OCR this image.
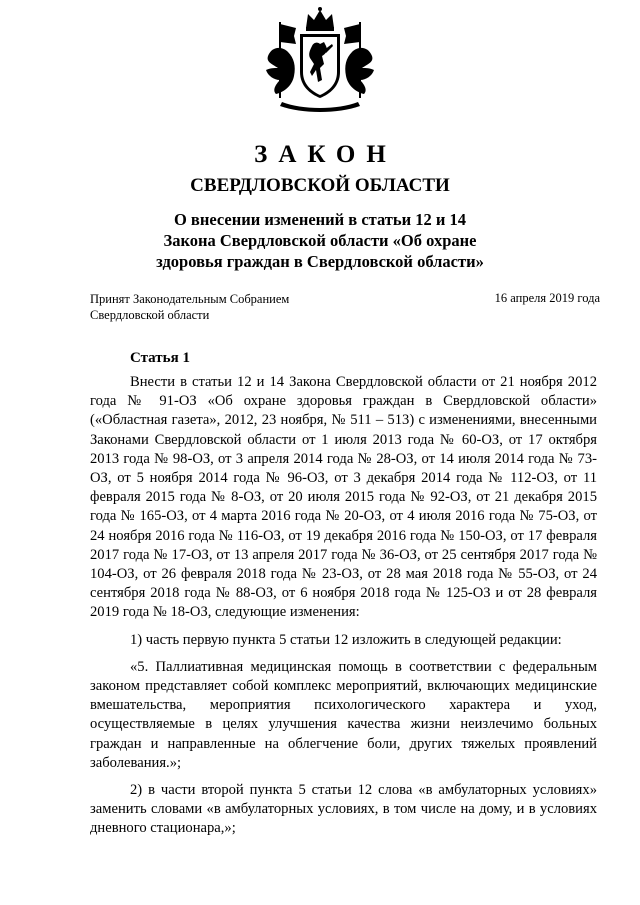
ЗАКОН
СВЕРДЛОВСКОЙ ОБЛАСТИ
О внесении изменений в статьи 12 и 14
Закона Свердловской области «Об охране
здоровья граждан в Свердловской области»
Принят Законодательным Собранием
Свердловской области
16 апреля 2019 года
Статья 1

Внести в статьи 12 и 14 Закона Свердловской области от 21 ноября 2012 года № 91-ОЗ «Об охране здоровья граждан в Свердловской области» («Областная газета», 2012, 23 ноября, № 511 – 513) с изменениями, внесенными Законами Свердловской области от 1 июля 2013 года № 60-ОЗ, от 17 октября 2013 года № 98-ОЗ, от 3 апреля 2014 года № 28-ОЗ, от 14 июля 2014 года № 73-ОЗ, от 5 ноября 2014 года № 96-ОЗ, от 3 декабря 2014 года № 112-ОЗ, от 11 февраля 2015 года № 8-ОЗ, от 20 июля 2015 года № 92-ОЗ, от 21 декабря 2015 года № 165-ОЗ, от 4 марта 2016 года № 20-ОЗ, от 4 июля 2016 года № 75-ОЗ, от 24 ноября 2016 года № 116-ОЗ, от 19 декабря 2016 года № 150-ОЗ, от 17 февраля 2017 года № 17-ОЗ, от 13 апреля 2017 года № 36-ОЗ, от 25 сентября 2017 года № 104-ОЗ, от 26 февраля 2018 года № 23-ОЗ, от 28 мая 2018 года № 55-ОЗ, от 24 сентября 2018 года № 88-ОЗ, от 6 ноября 2018 года № 125-ОЗ и от 28 февраля 2019 года № 18-ОЗ, следующие изменения:

1) часть первую пункта 5 статьи 12 изложить в следующей редакции:

«5. Паллиативная медицинская помощь в соответствии с федеральным законом представляет собой комплекс мероприятий, включающих медицинские вмешательства, мероприятия психологического характера и уход, осуществляемые в целях улучшения качества жизни неизлечимо больных граждан и направленные на облегчение боли, других тяжелых проявлений заболевания.»;

2) в части второй пункта 5 статьи 12 слова «в амбулаторных условиях» заменить словами «в амбулаторных условиях, в том числе на дому, и в условиях дневного стационара,»;
